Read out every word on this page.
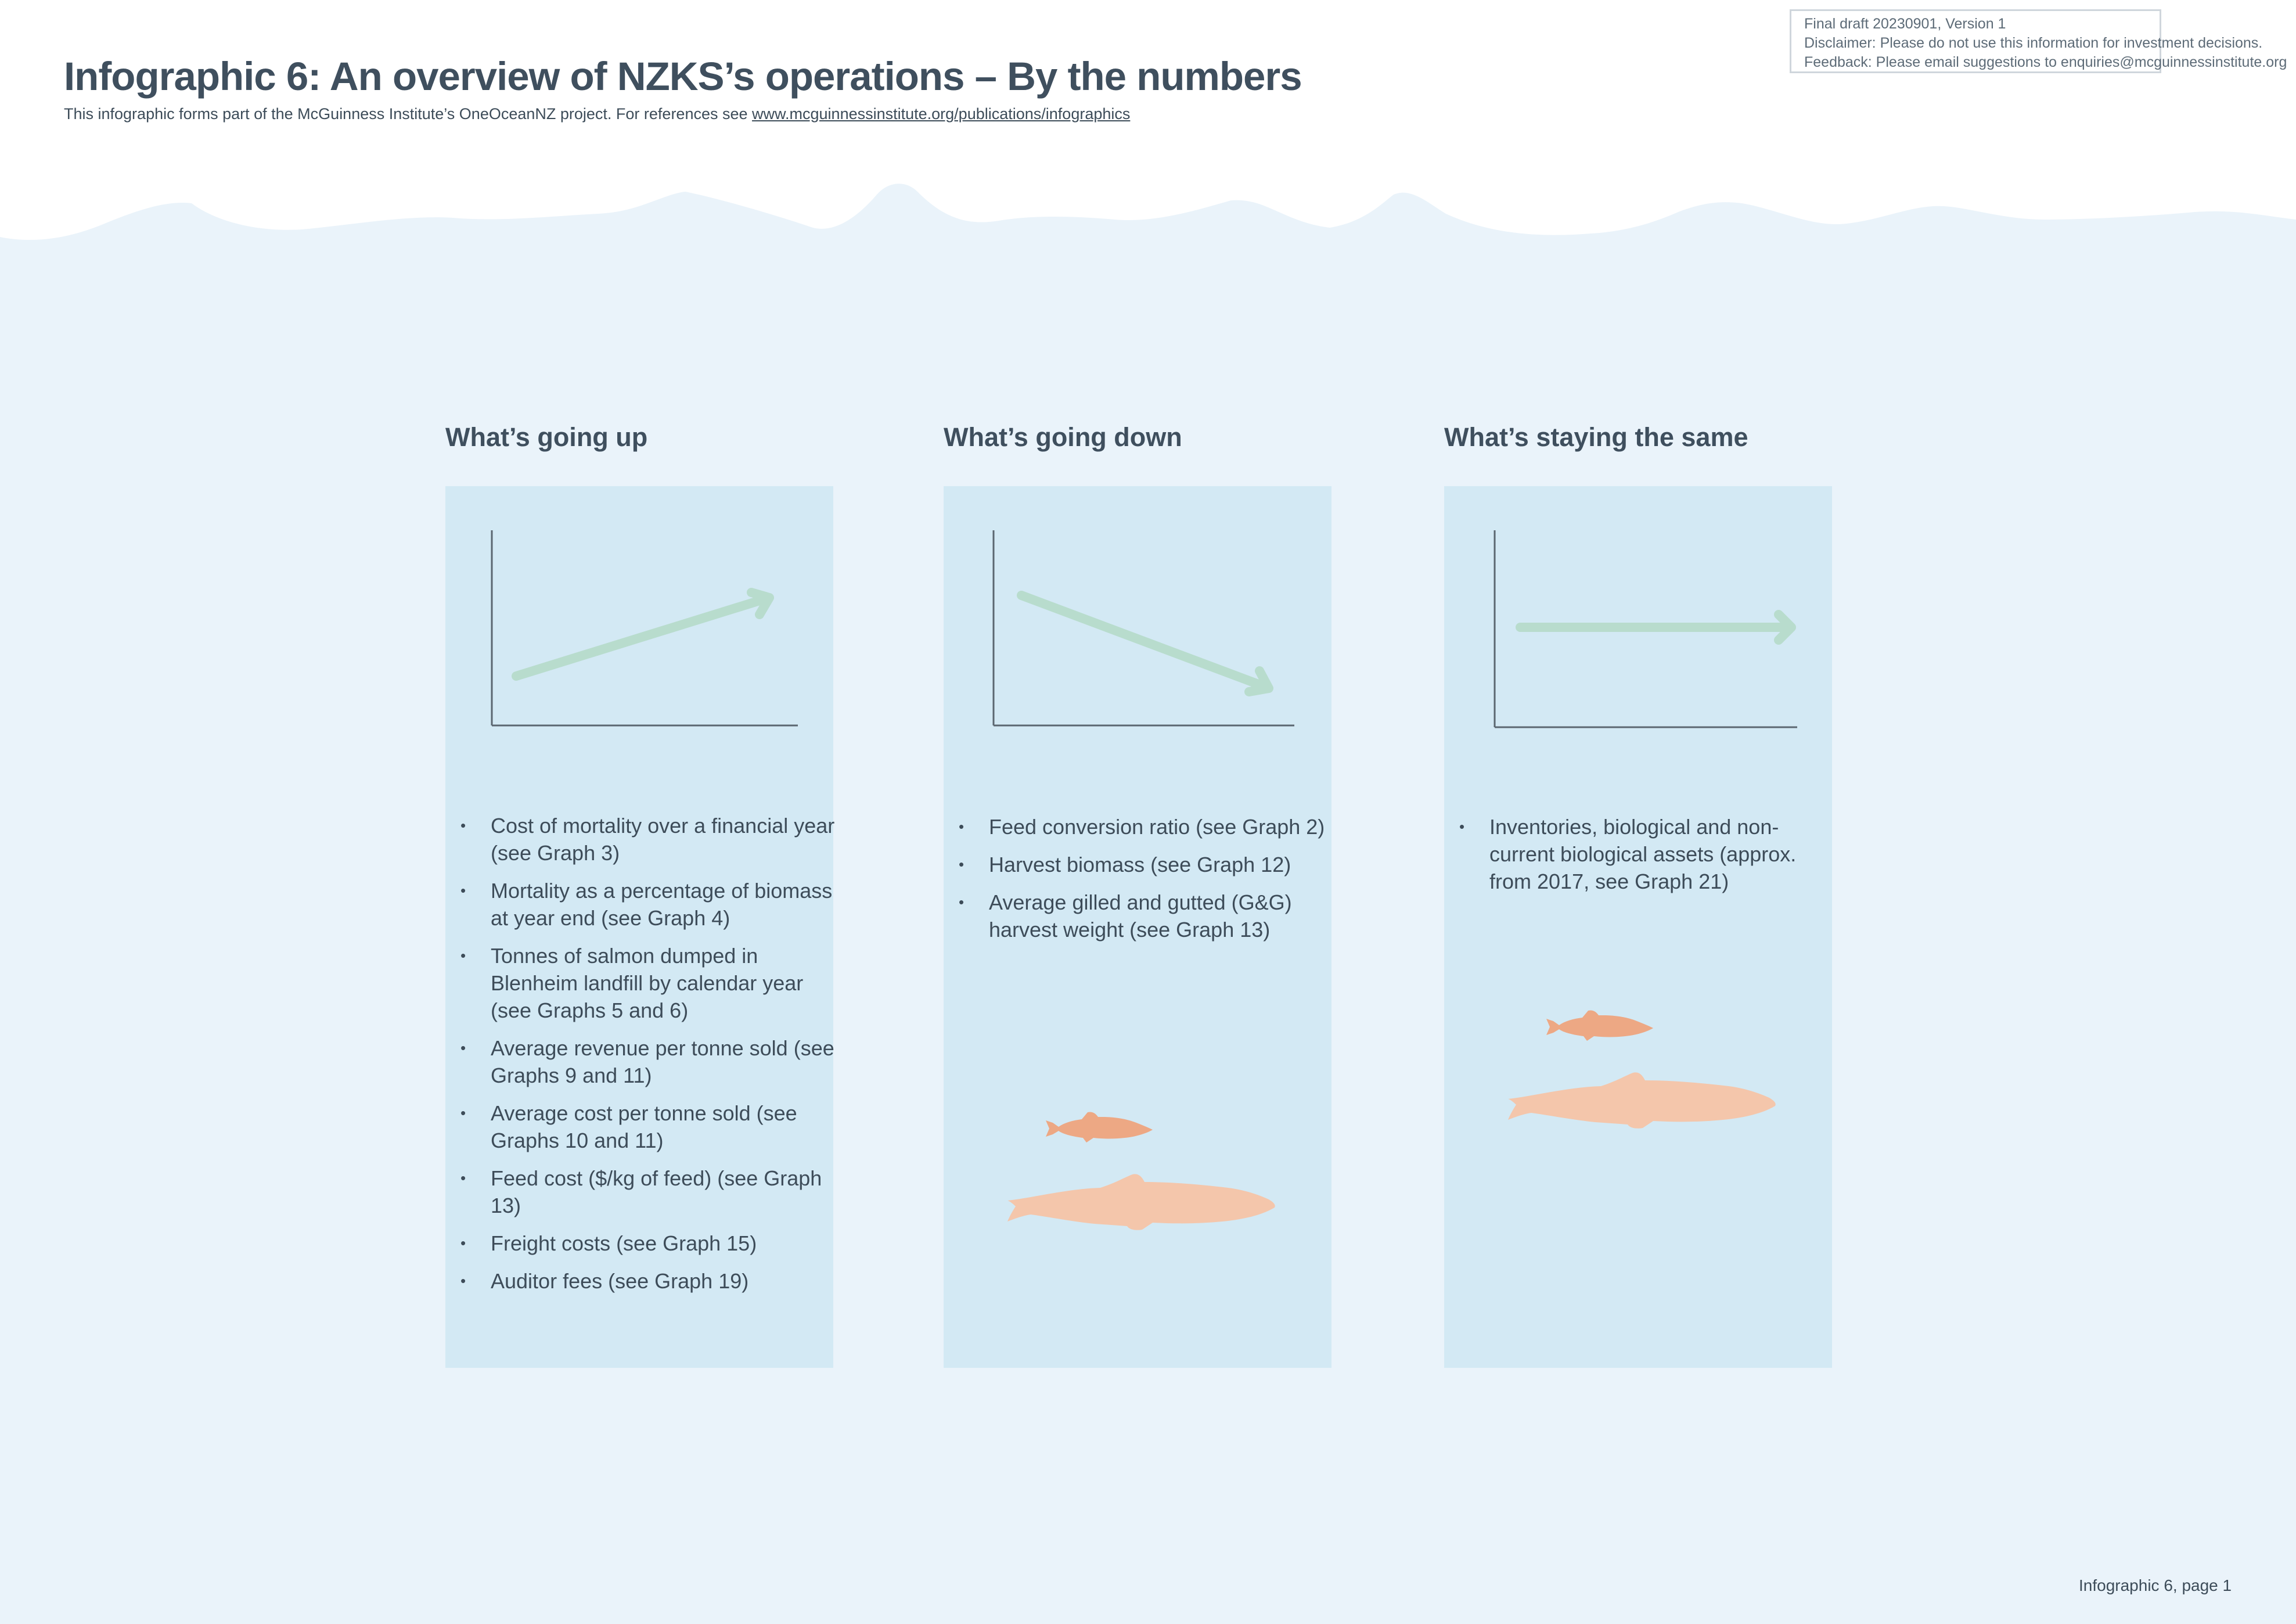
Final draft 20230901, Version 1
Disclaimer: Please do not use this information for investment decisions.
Feedback: Please email suggestions to enquiries@mcguinnessinstitute.org
Infographic 6: An overview of NZKS’s operations – By the numbers
This infographic forms part of the McGuinness Institute’s OneOceanNZ project. For references see www.mcguinnessinstitute.org/publications/infographics
What’s going up
• Cost of mortality over a financial year (see Graph 3)
• Mortality as a percentage of biomass at year end (see Graph 4)
• Tonnes of salmon dumped in Blenheim landfill by calendar year (see Graphs 5 and 6)
• Average revenue per tonne sold (see Graphs 9 and 11)
• Average cost per tonne sold (see Graphs 10 and 11)
• Feed cost ($/kg of feed) (see Graph 13)
• Freight costs (see Graph 15)
• Auditor fees (see Graph 19)
What’s going down
• Feed conversion ratio (see Graph 2)
• Harvest biomass (see Graph 12)
• Average gilled and gutted (G&G) harvest weight (see Graph 13)
What’s staying the same
• Inventories, biological and non-current biological assets (approx. from 2017, see Graph 21)
Infographic 6, page 1
